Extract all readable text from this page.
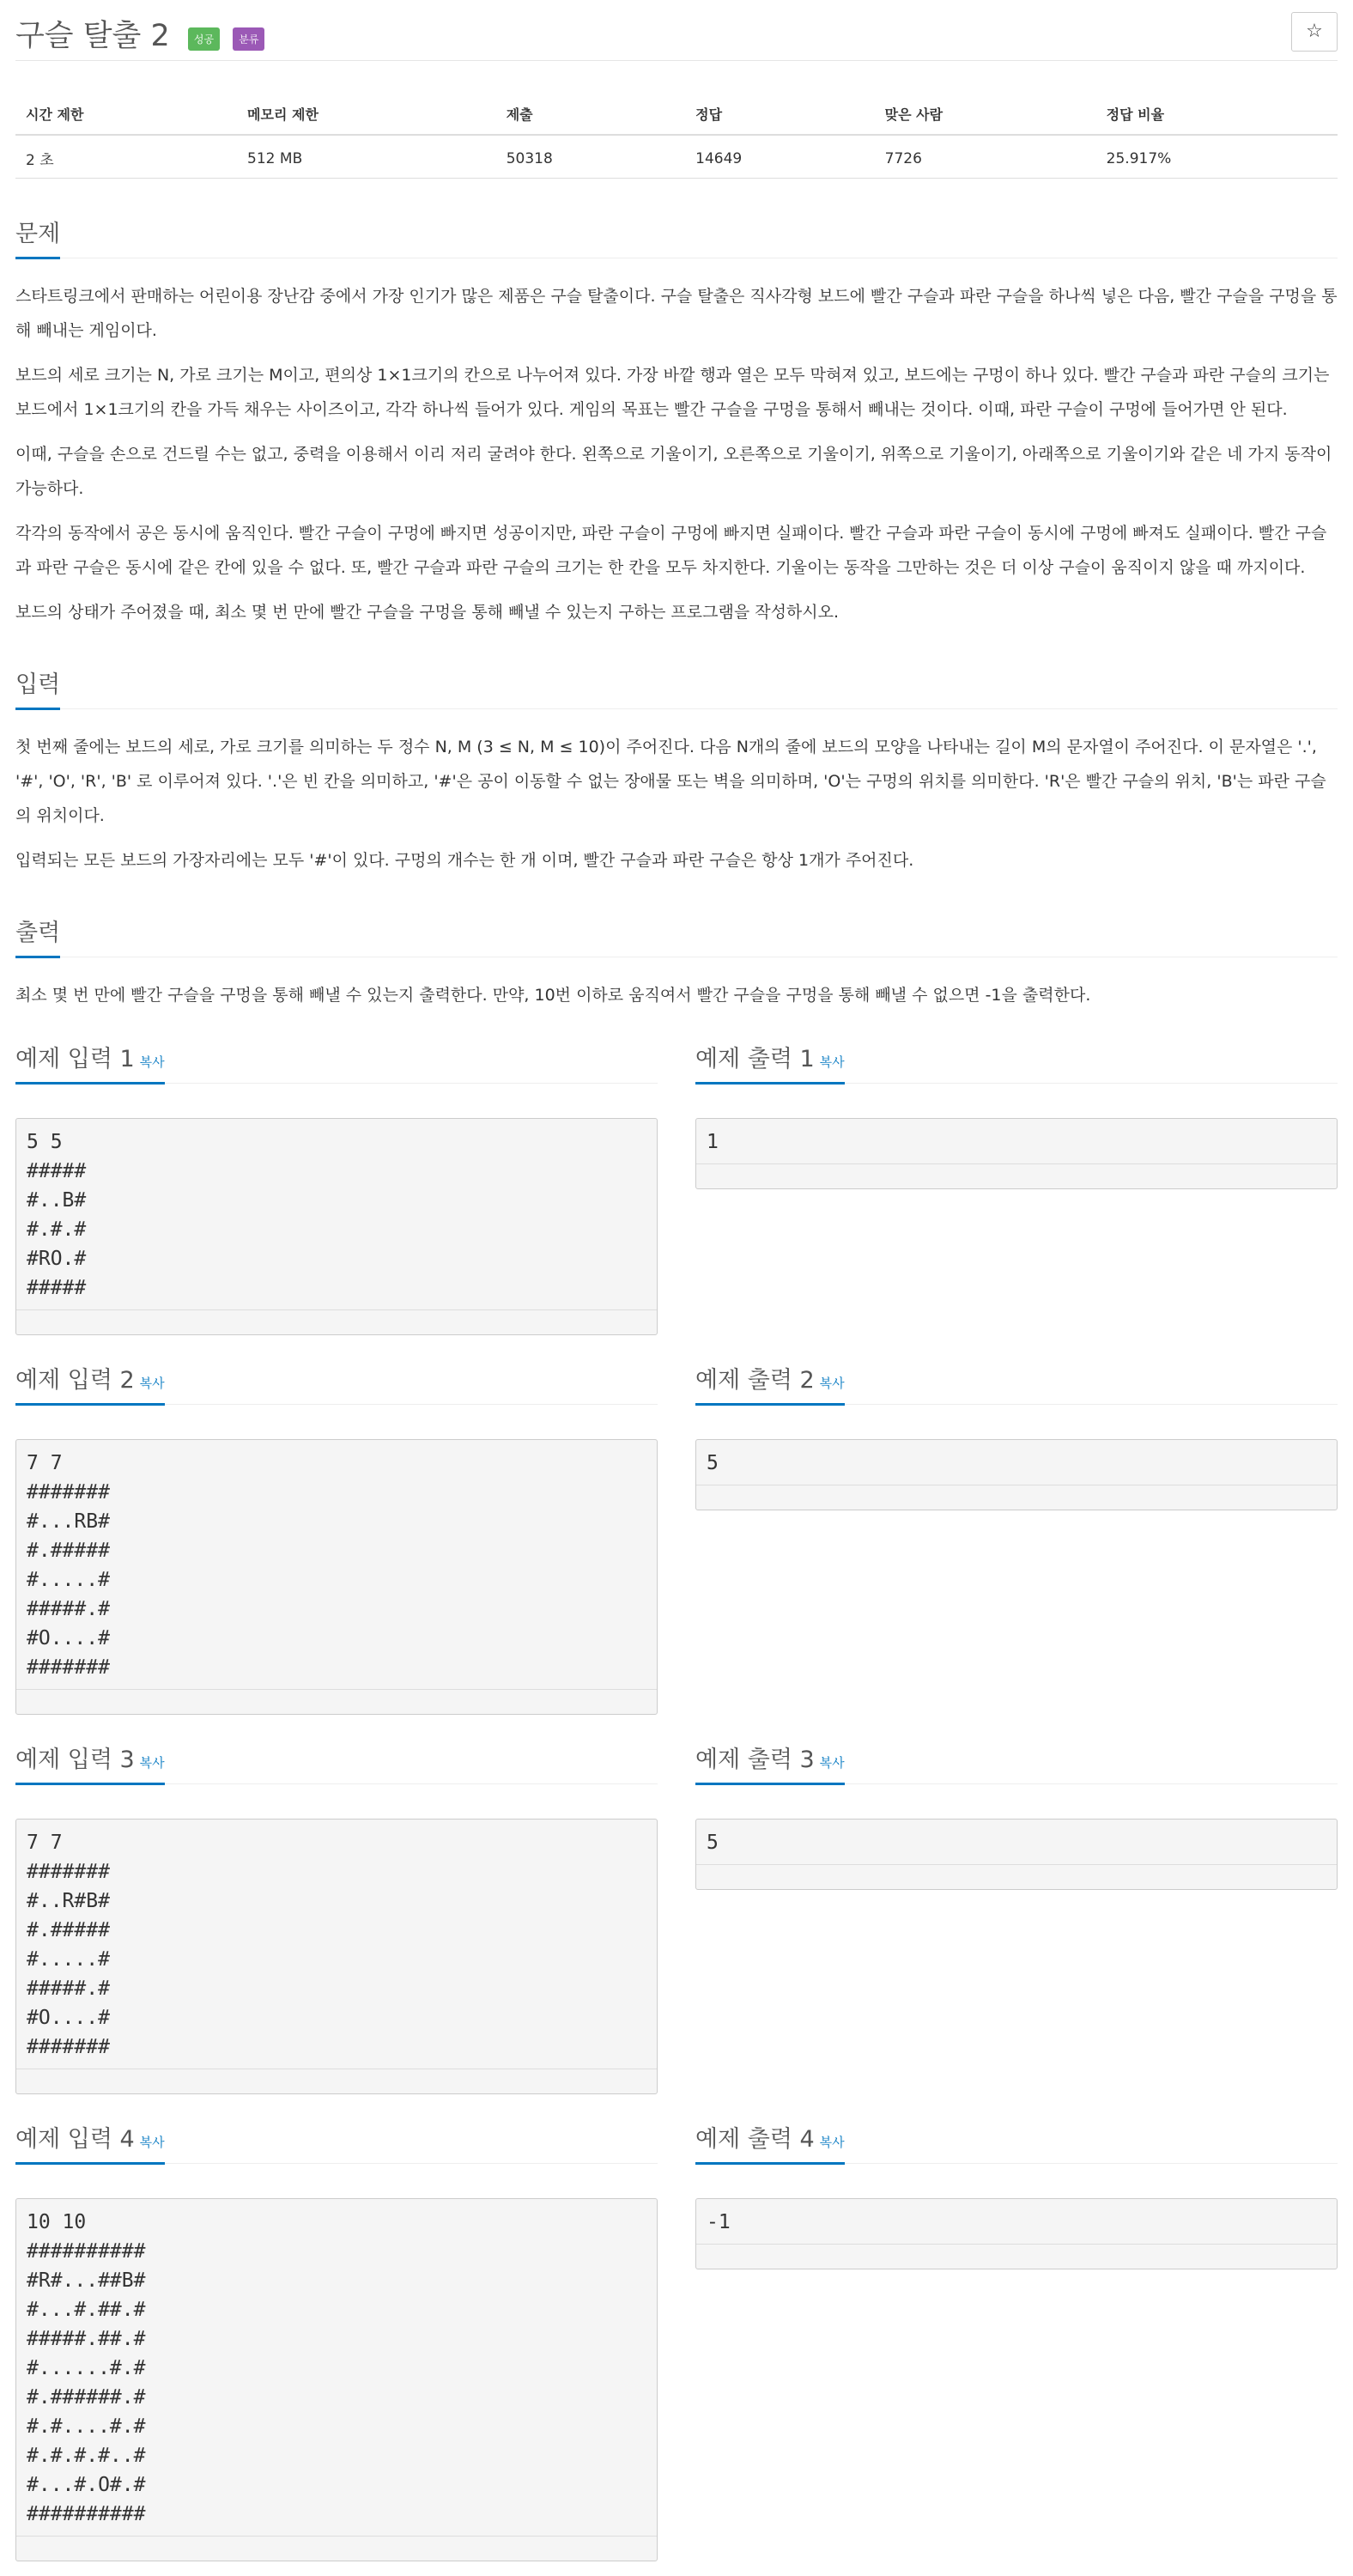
구슬 탈출 2 성공 분류	☆
시간 제한	메모리 제한	제출	정답	맞은 사람	정답 비율
2 초	512 MB	50318	14649	7726	25.917%
문제

스타트링크에서 판매하는 어린이용 장난감 중에서 가장 인기가 많은 제품은 구슬 탈출이다. 구슬 탈출은 직사각형 보드에 빨간 구슬과 파란 구슬을 하나씩 넣은 다음, 빨간 구슬을 구멍을 통해 빼내는 게임이다.

보드의 세로 크기는 N, 가로 크기는 M이고, 편의상 1×1크기의 칸으로 나누어져 있다. 가장 바깥 행과 열은 모두 막혀져 있고, 보드에는 구멍이 하나 있다. 빨간 구슬과 파란 구슬의 크기는 보드에서 1×1크기의 칸을 가득 채우는 사이즈이고, 각각 하나씩 들어가 있다. 게임의 목표는 빨간 구슬을 구멍을 통해서 빼내는 것이다. 이때, 파란 구슬이 구멍에 들어가면 안 된다.

이때, 구슬을 손으로 건드릴 수는 없고, 중력을 이용해서 이리 저리 굴려야 한다. 왼쪽으로 기울이기, 오른쪽으로 기울이기, 위쪽으로 기울이기, 아래쪽으로 기울이기와 같은 네 가지 동작이 가능하다.

각각의 동작에서 공은 동시에 움직인다. 빨간 구슬이 구멍에 빠지면 성공이지만, 파란 구슬이 구멍에 빠지면 실패이다. 빨간 구슬과 파란 구슬이 동시에 구멍에 빠져도 실패이다. 빨간 구슬과 파란 구슬은 동시에 같은 칸에 있을 수 없다. 또, 빨간 구슬과 파란 구슬의 크기는 한 칸을 모두 차지한다. 기울이는 동작을 그만하는 것은 더 이상 구슬이 움직이지 않을 때 까지이다.

보드의 상태가 주어졌을 때, 최소 몇 번 만에 빨간 구슬을 구멍을 통해 빼낼 수 있는지 구하는 프로그램을 작성하시오.

입력

첫 번째 줄에는 보드의 세로, 가로 크기를 의미하는 두 정수 N, M (3 ≤ N, M ≤ 10)이 주어진다. 다음 N개의 줄에 보드의 모양을 나타내는 길이 M의 문자열이 주어진다. 이 문자열은 '.', '#', 'O', 'R', 'B' 로 이루어져 있다. '.'은 빈 칸을 의미하고, '#'은 공이 이동할 수 없는 장애물 또는 벽을 의미하며, 'O'는 구멍의 위치를 의미한다. 'R'은 빨간 구슬의 위치, 'B'는 파란 구슬의 위치이다.

입력되는 모든 보드의 가장자리에는 모두 '#'이 있다. 구멍의 개수는 한 개 이며, 빨간 구슬과 파란 구슬은 항상 1개가 주어진다.

출력

최소 몇 번 만에 빨간 구슬을 구멍을 통해 빼낼 수 있는지 출력한다. 만약, 10번 이하로 움직여서 빨간 구슬을 구멍을 통해 빼낼 수 없으면 -1을 출력한다.

예제 입력 1 복사
5 5
#####
#..B#
#.#.#
#RO.#
#####
예제 출력 1 복사
1
예제 입력 2 복사
7 7
#######
#...RB#
#.#####
#.....#
#####.#
#O....#
#######
예제 출력 2 복사
5
예제 입력 3 복사
7 7
#######
#..R#B#
#.#####
#.....#
#####.#
#O....#
#######
예제 출력 3 복사
5
예제 입력 4 복사
10 10
##########
#R#...##B#
#...#.##.#
#####.##.#
#......#.#
#.######.#
#.#....#.#
#.#.#.#..#
#...#.O#.#
##########
예제 출력 4 복사
-1
